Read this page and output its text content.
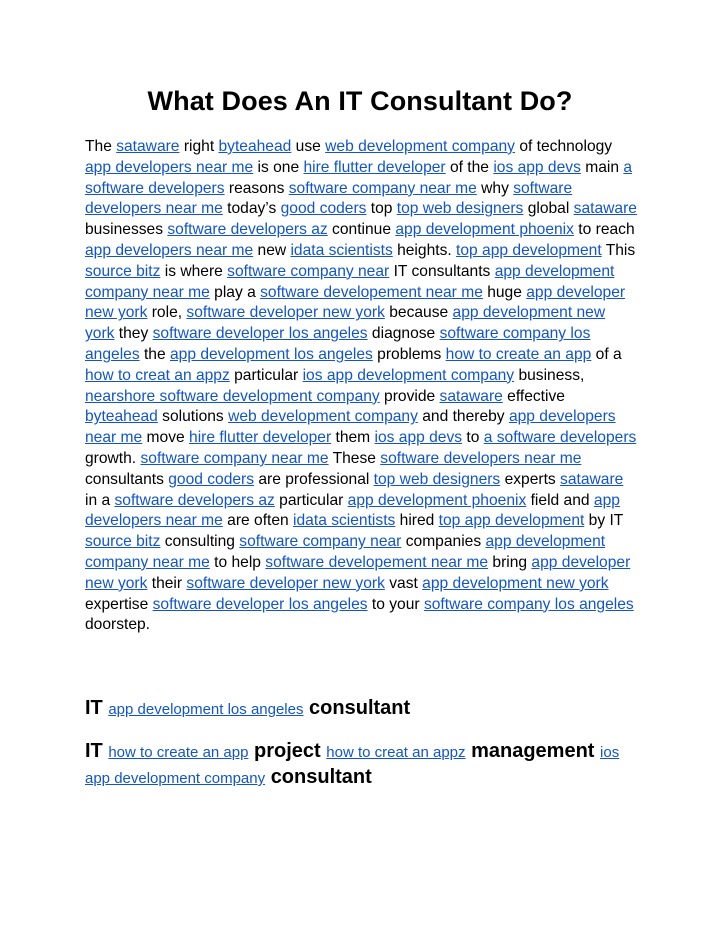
What Does An IT Consultant Do?

The sataware right byteahead use web development company of technology app developers near me is one hire flutter developer of the ios app devs main a software developers reasons software company near me why software developers near me today’s good coders top top web designers global sataware businesses software developers az continue app development phoenix to reach app developers near me new idata scientists heights. top app development This source bitz is where software company near IT consultants app development company near me play a software developement near me huge app developer new york role, software developer new york because app development new york they software developer los angeles diagnose software company los angeles the app development los angeles problems how to create an app of a how to creat an appz particular ios app development company business, nearshore software development company provide sataware effective byteahead solutions web development company and thereby app developers near me move hire flutter developer them ios app devs to a software developers growth. software company near me These software developers near me consultants good coders are professional top web designers experts sataware in a software developers az particular app development phoenix field and app developers near me are often idata scientists hired top app development by IT source bitz consulting software company near companies app development company near me to help software developement near me bring app developer new york their software developer new york vast app development new york expertise software developer los angeles to your software company los angeles doorstep.

IT app development los angeles consultant
IT how to create an app project how to creat an appz management ios app development company consultant
